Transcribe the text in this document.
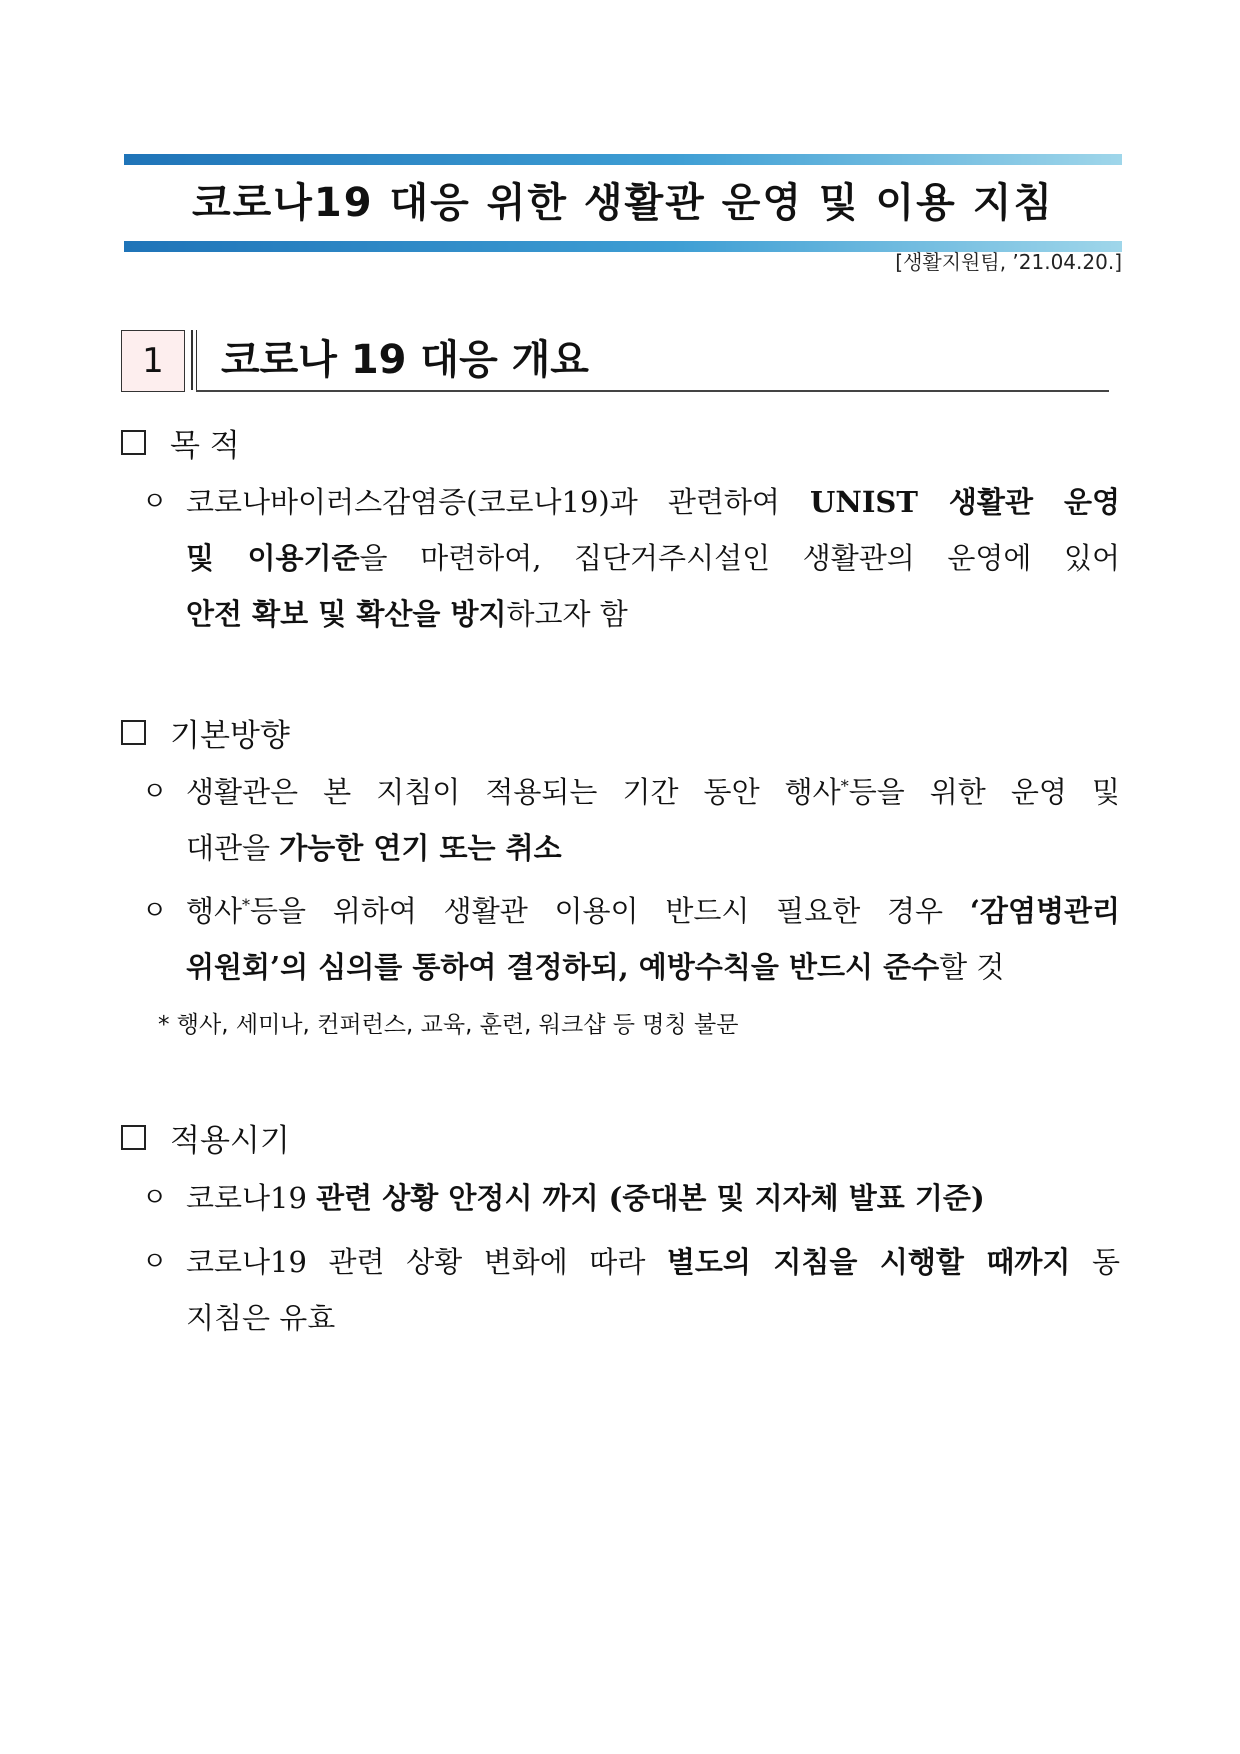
코로나19 대응 위한 생활관 운영 및 이용 지침
[생활지원팀, ’21.04.20.]
1	코로나 19 대응 개요
목 적
ㅇ 코로나바이러스감염증(코로나19)과 관련하여 UNIST 생활관 운영
및 이용기준을 마련하여, 집단거주시설인 생활관의 운영에 있어
안전 확보 및 확산을 방지하고자 함
기본방향
ㅇ 생활관은 본 지침이 적용되는 기간 동안 행사*등을 위한 운영 및
대관을 가능한 연기 또는 취소
ㅇ 행사*등을 위하여 생활관 이용이 반드시 필요한 경우 ‘감염병관리
위원회’의 심의를 통하여 결정하되, 예방수칙을 반드시 준수할 것
* 행사, 세미나, 컨퍼런스, 교육, 훈련, 워크샵 등 명칭 불문
적용시기
ㅇ 코로나19 관련 상황 안정시 까지 (중대본 및 지자체 발표 기준)
ㅇ 코로나19 관련 상황 변화에 따라 별도의 지침을 시행할 때까지 동
지침은 유효
